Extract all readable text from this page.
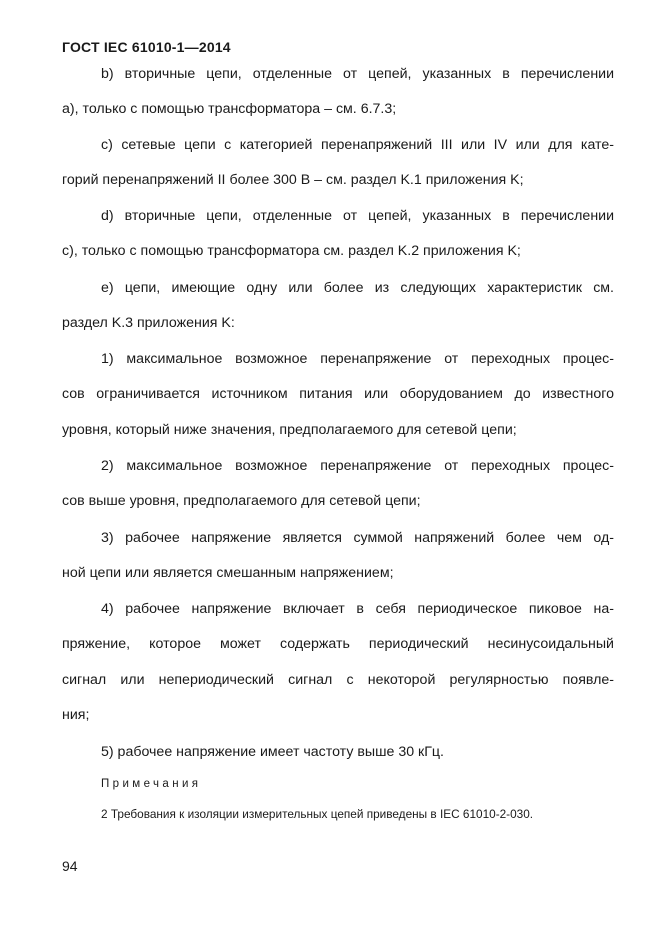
ГОСТ IEC 61010-1—2014
b) вторичные цепи, отделенные от цепей, указанных в перечислении
a), только с помощью трансформатора – см. 6.7.3;
c) сетевые цепи с категорией перенапряжений III или IV или для кате-
горий перенапряжений II более 300 В – см. раздел K.1 приложения K;
d) вторичные цепи, отделенные от цепей, указанных в перечислении
c), только с помощью трансформатора см. раздел K.2 приложения K;
e) цепи, имеющие одну или более из следующих характеристик см.
раздел K.3 приложения K:
1) максимальное возможное перенапряжение от переходных процес-
сов ограничивается источником питания или оборудованием до известного
уровня, который ниже значения, предполагаемого для сетевой цепи;
2) максимальное возможное перенапряжение от переходных процес-
сов выше уровня, предполагаемого для сетевой цепи;
3) рабочее напряжение является суммой напряжений более чем од-
ной цепи или является смешанным напряжением;
4) рабочее напряжение включает в себя периодическое пиковое на-
пряжение, которое может содержать периодический несинусоидальный
сигнал или непериодический сигнал с некоторой регулярностью появле-
ния;
5) рабочее напряжение имеет частоту выше 30 кГц.
Примечания
2 Требования к изоляции измерительных цепей приведены в IEC 61010-2-030.
94
